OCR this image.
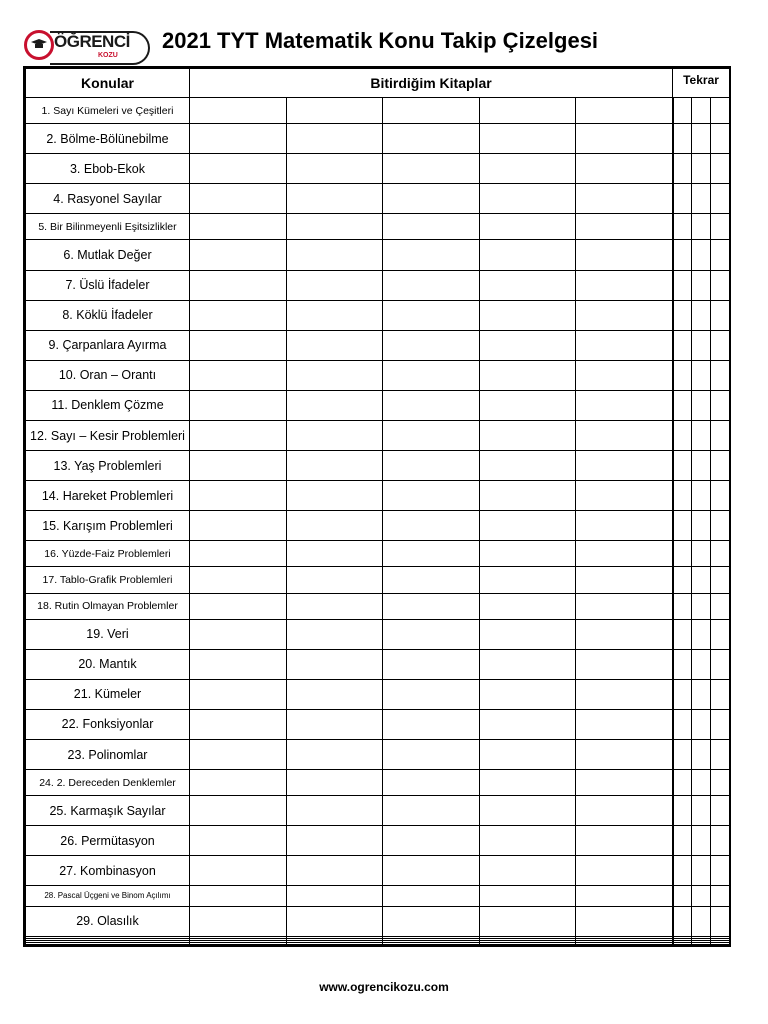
ÖĞRENCİ
KOZU
2021 TYT Matematik Konu Takip Çizelgesi
Konular	Bitirdiğim Kitaplar					Tekrar		
1. Sayı Kümeleri ve Çeşitleri								
2. Bölme-Bölünebilme								
3. Ebob-Ekok								
4. Rasyonel Sayılar								
5. Bir Bilinmeyenli Eşitsizlikler								
6. Mutlak Değer								
7. Üslü İfadeler								
8. Köklü İfadeler								
9. Çarpanlara Ayırma								
10. Oran – Orantı								
11. Denklem Çözme								
12. Sayı – Kesir Problemleri								
13. Yaş Problemleri								
14. Hareket Problemleri								
15. Karışım Problemleri								
16. Yüzde-Faiz Problemleri								
17. Tablo-Grafik Problemleri								
18. Rutin Olmayan Problemler								
19. Veri								
20. Mantık								
21. Kümeler								
22. Fonksiyonlar								
23. Polinomlar								
24. 2. Dereceden Denklemler								
25. Karmaşık Sayılar								
26. Permütasyon								
27. Kombinasyon								
28. Pascal Üçgeni ve Binom Açılımı								
29. Olasılık								

www.ogrencikozu.com
